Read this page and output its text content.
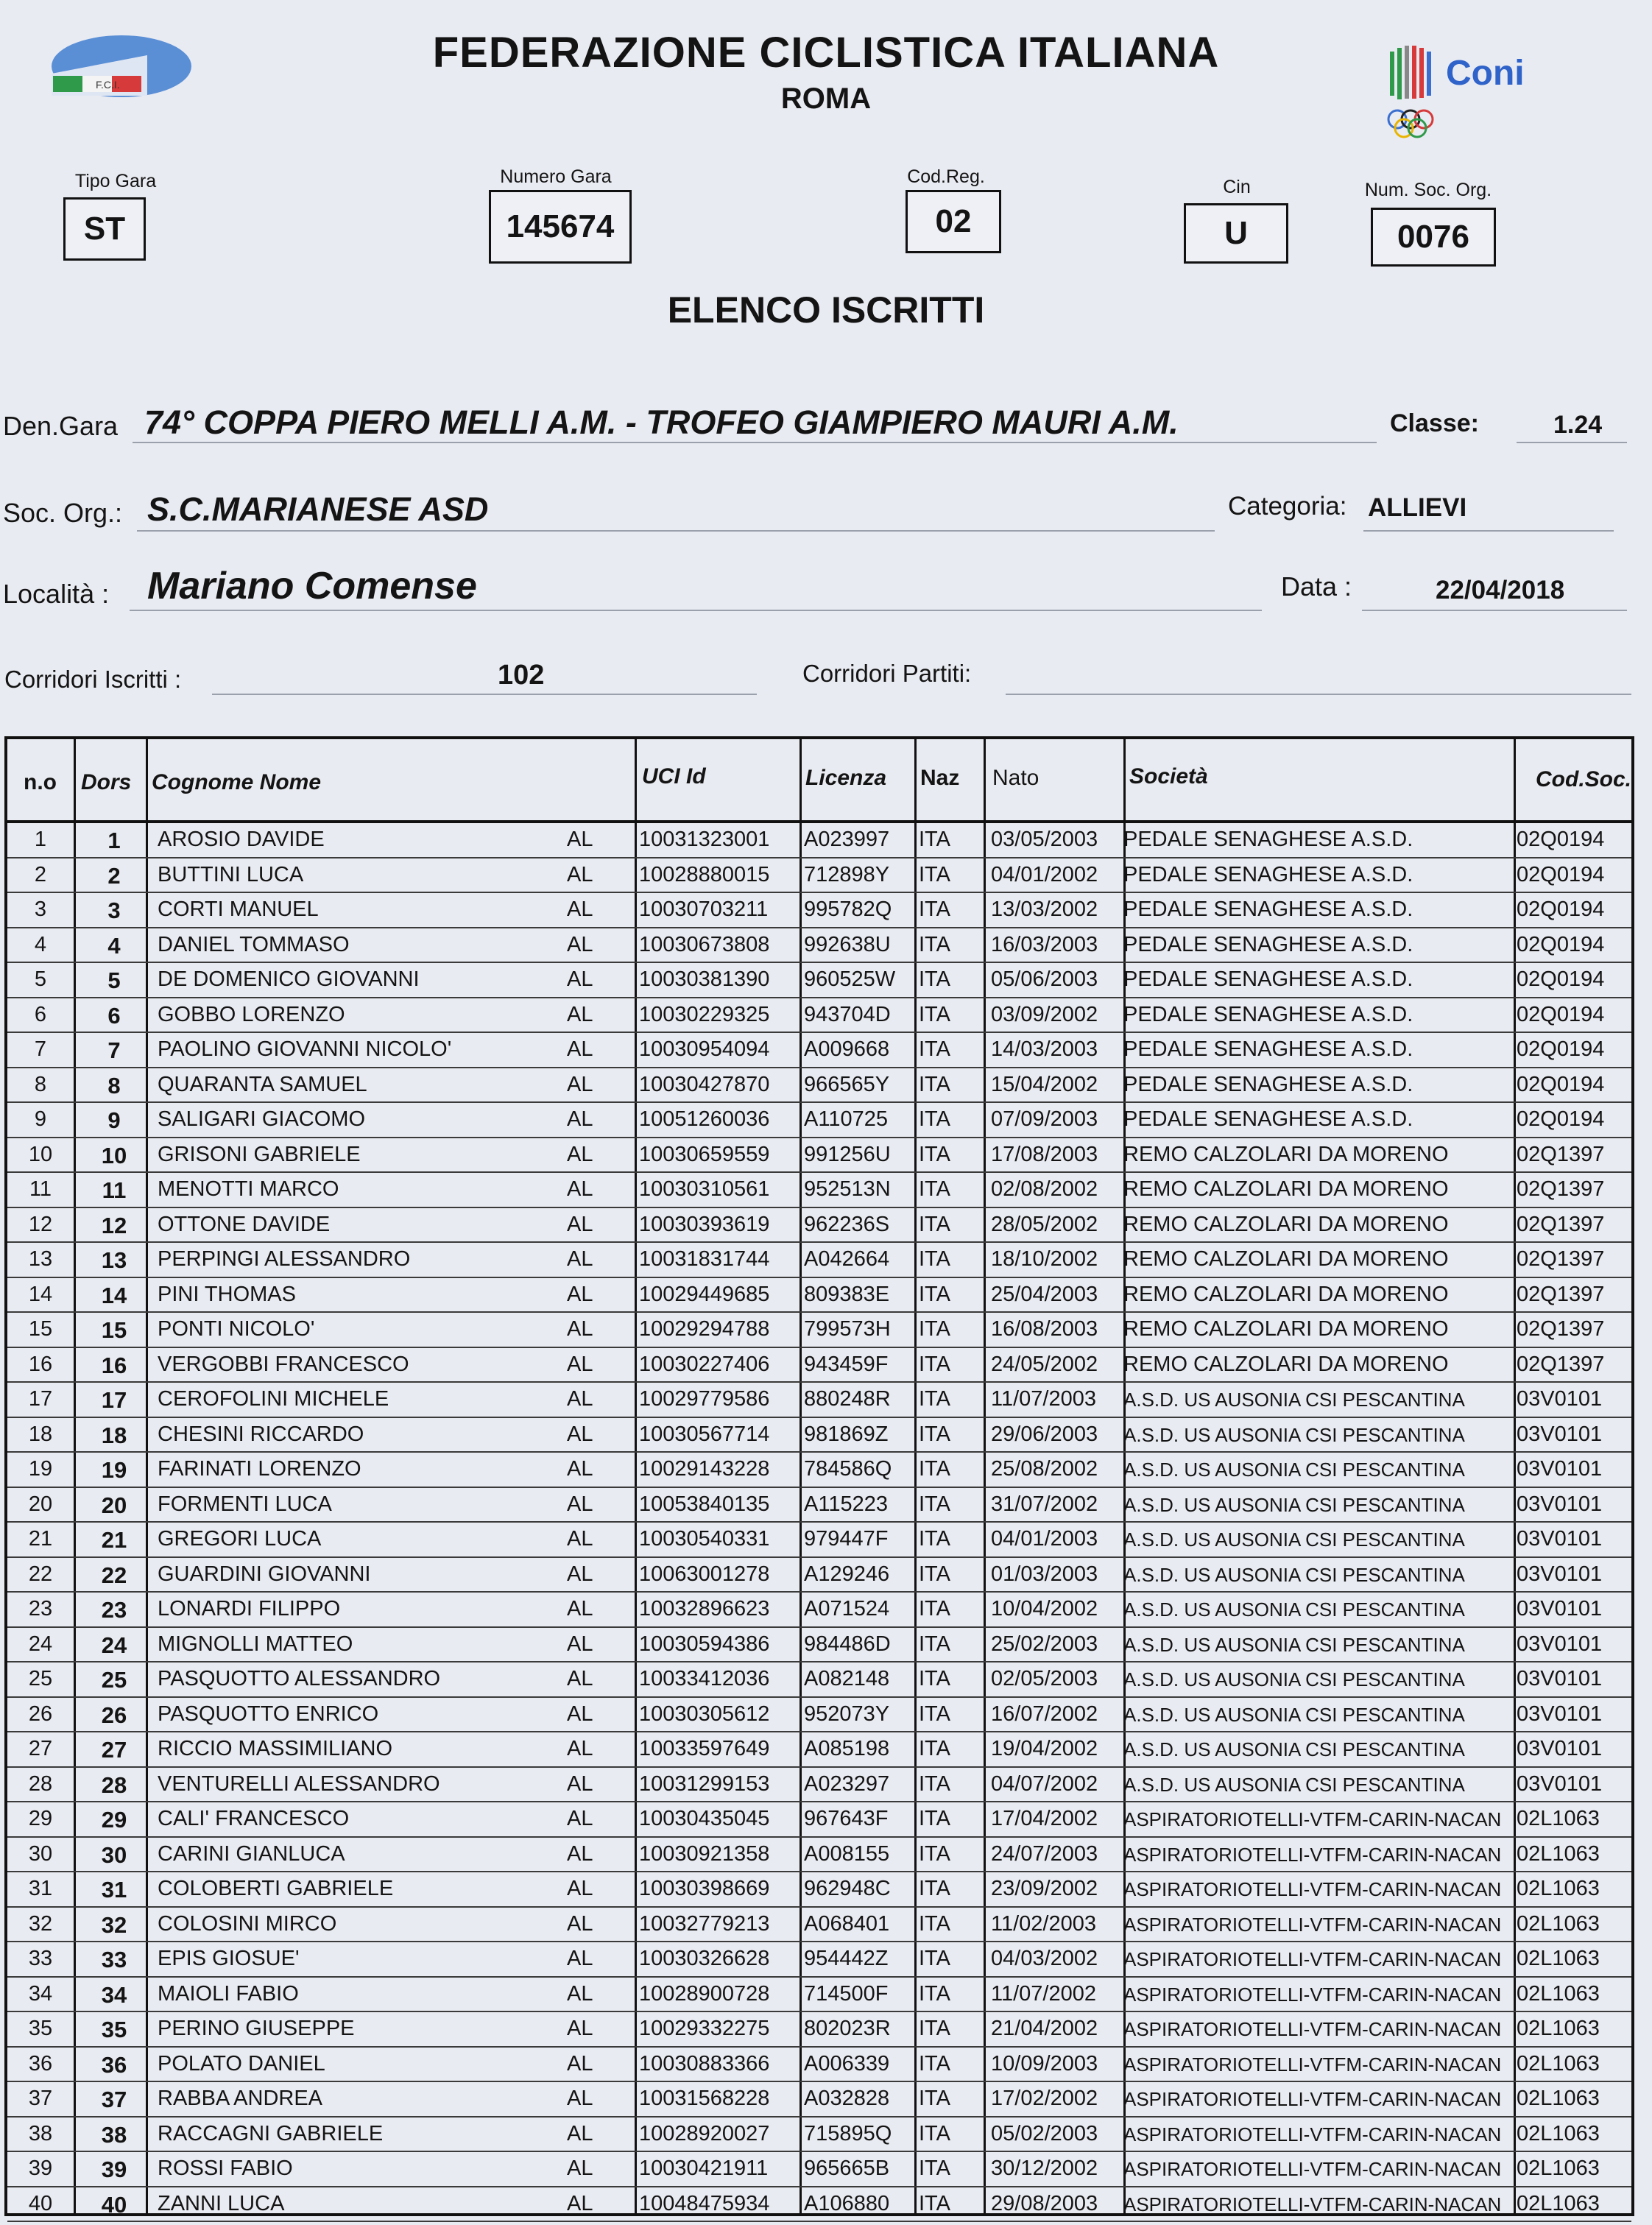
F.C.I.	Coni
FEDERAZIONE CICLISTICA ITALIANA
ROMA
Tipo Gara
ST
Numero Gara
145674
Cod.Reg.
02
Cin
U
Num. Soc. Org.
0076
ELENCO ISCRITTI
Den.Gara 74° COPPA PIERO MELLI A.M. - TROFEO GIAMPIERO MAURI A.M.	Classe:	1.24
Soc. Org.: S.C.MARIANESE ASD	Categoria: ALLIEVI
Località : Mariano Comense	Data :	22/04/2018
Corridori Iscritti :	102	Corridori Partiti:
n.o Dors Cognome Nome	UCI Id	Licenza Naz Nato	Società	Cod.Soc.
1	1	AROSIO DAVIDE	AL	10031323001	A023997	ITA	03/05/2003	PEDALE SENAGHESE A.S.D.	02Q0194
2	2	BUTTINI LUCA	AL	10028880015	712898Y	ITA	04/01/2002	PEDALE SENAGHESE A.S.D.	02Q0194
3	3	CORTI MANUEL	AL	10030703211	995782Q	ITA	13/03/2002	PEDALE SENAGHESE A.S.D.	02Q0194
4	4	DANIEL TOMMASO	AL	10030673808	992638U	ITA	16/03/2003	PEDALE SENAGHESE A.S.D.	02Q0194
5	5	DE DOMENICO GIOVANNI	AL	10030381390	960525W	ITA	05/06/2003	PEDALE SENAGHESE A.S.D.	02Q0194
6	6	GOBBO LORENZO	AL	10030229325	943704D	ITA	03/09/2002	PEDALE SENAGHESE A.S.D.	02Q0194
7	7	PAOLINO GIOVANNI NICOLO'	AL	10030954094	A009668	ITA	14/03/2003	PEDALE SENAGHESE A.S.D.	02Q0194
8	8	QUARANTA SAMUEL	AL	10030427870	966565Y	ITA	15/04/2002	PEDALE SENAGHESE A.S.D.	02Q0194
9	9	SALIGARI GIACOMO	AL	10051260036	A110725	ITA	07/09/2003	PEDALE SENAGHESE A.S.D.	02Q0194
10	10	GRISONI GABRIELE	AL	10030659559	991256U	ITA	17/08/2003	REMO CALZOLARI DA MORENO	02Q1397
11	11	MENOTTI MARCO	AL	10030310561	952513N	ITA	02/08/2002	REMO CALZOLARI DA MORENO	02Q1397
12	12	OTTONE DAVIDE	AL	10030393619	962236S	ITA	28/05/2002	REMO CALZOLARI DA MORENO	02Q1397
13	13	PERPINGI ALESSANDRO	AL	10031831744	A042664	ITA	18/10/2002	REMO CALZOLARI DA MORENO	02Q1397
14	14	PINI THOMAS	AL	10029449685	809383E	ITA	25/04/2003	REMO CALZOLARI DA MORENO	02Q1397
15	15	PONTI NICOLO'	AL	10029294788	799573H	ITA	16/08/2003	REMO CALZOLARI DA MORENO	02Q1397
16	16	VERGOBBI FRANCESCO	AL	10030227406	943459F	ITA	24/05/2002	REMO CALZOLARI DA MORENO	02Q1397
17	17	CEROFOLINI MICHELE	AL	10029779586	880248R	ITA	11/07/2003	A.S.D. US AUSONIA CSI PESCANTINA	03V0101
18	18	CHESINI RICCARDO	AL	10030567714	981869Z	ITA	29/06/2003	A.S.D. US AUSONIA CSI PESCANTINA	03V0101
19	19	FARINATI LORENZO	AL	10029143228	784586Q	ITA	25/08/2002	A.S.D. US AUSONIA CSI PESCANTINA	03V0101
20	20	FORMENTI LUCA	AL	10053840135	A115223	ITA	31/07/2002	A.S.D. US AUSONIA CSI PESCANTINA	03V0101
21	21	GREGORI LUCA	AL	10030540331	979447F	ITA	04/01/2003	A.S.D. US AUSONIA CSI PESCANTINA	03V0101
22	22	GUARDINI GIOVANNI	AL	10063001278	A129246	ITA	01/03/2003	A.S.D. US AUSONIA CSI PESCANTINA	03V0101
23	23	LONARDI FILIPPO	AL	10032896623	A071524	ITA	10/04/2002	A.S.D. US AUSONIA CSI PESCANTINA	03V0101
24	24	MIGNOLLI MATTEO	AL	10030594386	984486D	ITA	25/02/2003	A.S.D. US AUSONIA CSI PESCANTINA	03V0101
25	25	PASQUOTTO ALESSANDRO	AL	10033412036	A082148	ITA	02/05/2003	A.S.D. US AUSONIA CSI PESCANTINA	03V0101
26	26	PASQUOTTO ENRICO	AL	10030305612	952073Y	ITA	16/07/2002	A.S.D. US AUSONIA CSI PESCANTINA	03V0101
27	27	RICCIO MASSIMILIANO	AL	10033597649	A085198	ITA	19/04/2002	A.S.D. US AUSONIA CSI PESCANTINA	03V0101
28	28	VENTURELLI ALESSANDRO	AL	10031299153	A023297	ITA	04/07/2002	A.S.D. US AUSONIA CSI PESCANTINA	03V0101
29	29	CALI' FRANCESCO	AL	10030435045	967643F	ITA	17/04/2002	ASPIRATORIOTELLI-VTFM-CARIN-NACAN 02L1063
30	30	CARINI GIANLUCA	AL	10030921358	A008155	ITA	24/07/2003	ASPIRATORIOTELLI-VTFM-CARIN-NACAN 02L1063
31	31	COLOBERTI GABRIELE	AL	10030398669	962948C	ITA	23/09/2002	ASPIRATORIOTELLI-VTFM-CARIN-NACAN 02L1063
32	32	COLOSINI MIRCO	AL	10032779213	A068401	ITA	11/02/2003	ASPIRATORIOTELLI-VTFM-CARIN-NACAN 02L1063
33	33	EPIS GIOSUE'	AL	10030326628	954442Z	ITA	04/03/2002	ASPIRATORIOTELLI-VTFM-CARIN-NACAN 02L1063
34	34	MAIOLI FABIO	AL	10028900728	714500F	ITA	11/07/2002	ASPIRATORIOTELLI-VTFM-CARIN-NACAN 02L1063
35	35	PERINO GIUSEPPE	AL	10029332275	802023R	ITA	21/04/2002	ASPIRATORIOTELLI-VTFM-CARIN-NACAN 02L1063
36	36	POLATO DANIEL	AL	10030883366	A006339	ITA	10/09/2003	ASPIRATORIOTELLI-VTFM-CARIN-NACAN 02L1063
37	37	RABBA ANDREA	AL	10031568228	A032828	ITA	17/02/2002	ASPIRATORIOTELLI-VTFM-CARIN-NACAN 02L1063
38	38	RACCAGNI GABRIELE	AL	10028920027	715895Q	ITA	05/02/2003	ASPIRATORIOTELLI-VTFM-CARIN-NACAN 02L1063
39	39	ROSSI FABIO	AL	10030421911	965665B	ITA	30/12/2002	ASPIRATORIOTELLI-VTFM-CARIN-NACAN 02L1063
40	40	ZANNI LUCA	AL	10048475934	A106880	ITA	29/08/2003	ASPIRATORIOTELLI-VTFM-CARIN-NACAN 02L1063
